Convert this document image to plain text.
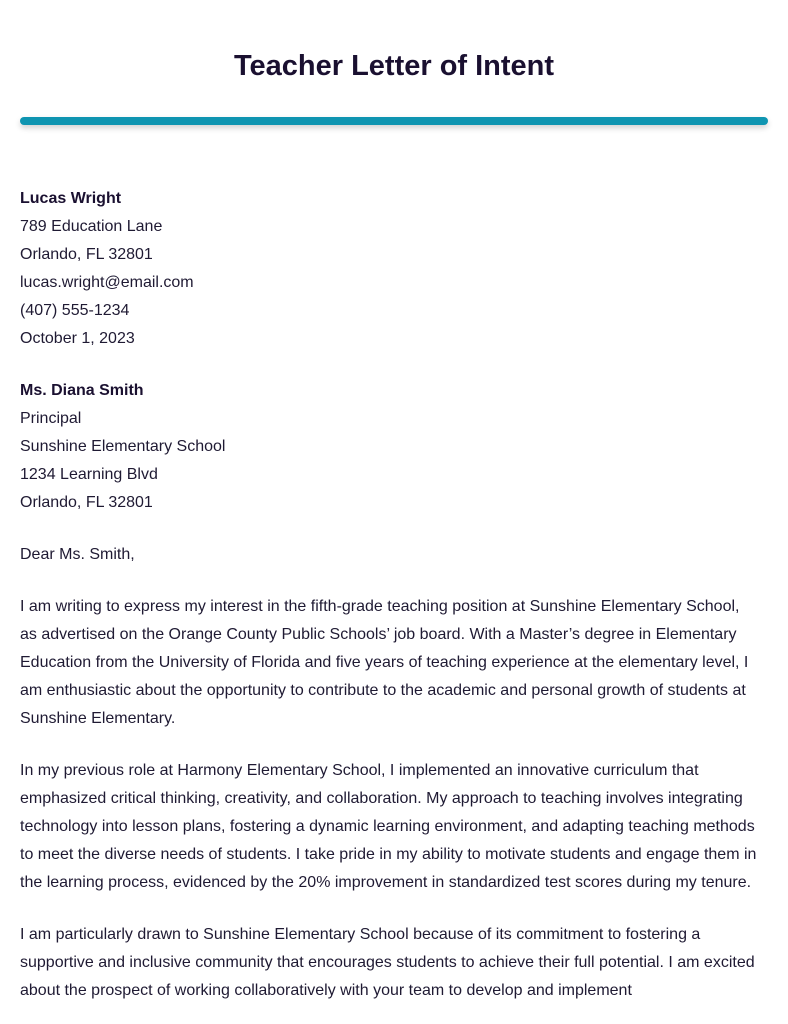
Teacher Letter of Intent
Lucas Wright
789 Education Lane
Orlando, FL 32801
lucas.wright@email.com
(407) 555-1234
October 1, 2023
Ms. Diana Smith
Principal
Sunshine Elementary School
1234 Learning Blvd
Orlando, FL 32801

Dear Ms. Smith,

I am writing to express my interest in the fifth-grade teaching position at Sunshine Elementary School, as advertised on the Orange County Public Schools’ job board. With a Master’s degree in Elementary Education from the University of Florida and five years of teaching experience at the elementary level, I am enthusiastic about the opportunity to contribute to the academic and personal growth of students at Sunshine Elementary.

In my previous role at Harmony Elementary School, I implemented an innovative curriculum that emphasized critical thinking, creativity, and collaboration. My approach to teaching involves integrating technology into lesson plans, fostering a dynamic learning environment, and adapting teaching methods to meet the diverse needs of students. I take pride in my ability to motivate students and engage them in the learning process, evidenced by the 20% improvement in standardized test scores during my tenure.

I am particularly drawn to Sunshine Elementary School because of its commitment to fostering a supportive and inclusive community that encourages students to achieve their full potential. I am excited about the prospect of working collaboratively with your team to develop and implement
